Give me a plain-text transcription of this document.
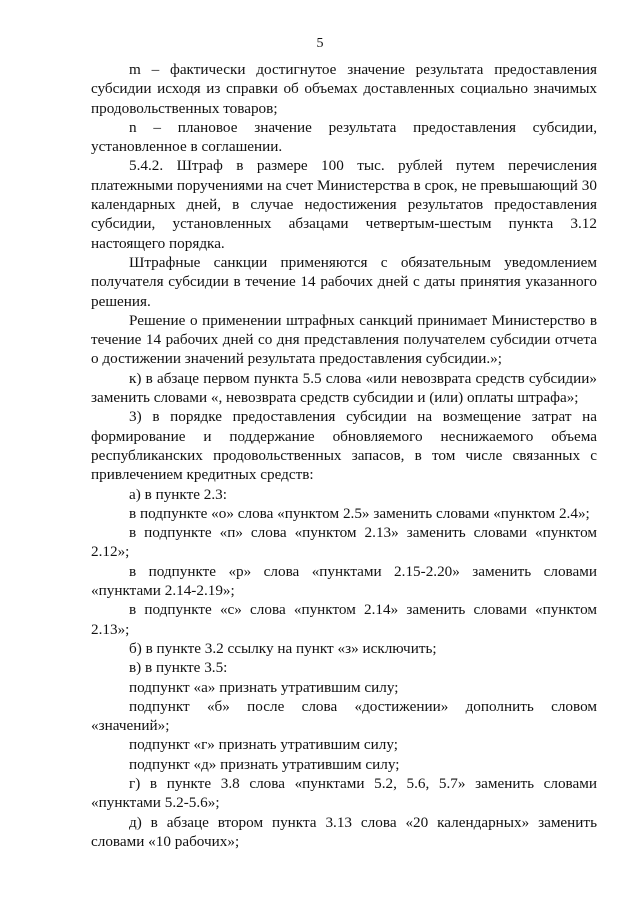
5

m – фактически достигнутое значение результата предоставления субсидии исходя из справки об объемах доставленных социально значимых продовольственных товаров;

n – плановое значение результата предоставления субсидии, установленное в соглашении.

5.4.2. Штраф в размере 100 тыс. рублей путем перечисления платежными поручениями на счет Министерства в срок, не превышающий 30 календарных дней, в случае недостижения результатов предоставления субсидии, установленных абзацами четвертым-шестым пункта 3.12 настоящего порядка.

Штрафные санкции применяются с обязательным уведомлением получателя субсидии в течение 14 рабочих дней с даты принятия указанного решения.

Решение о применении штрафных санкций принимает Министерство в течение 14 рабочих дней со дня представления получателем субсидии отчета о достижении значений результата предоставления субсидии.»;

к) в абзаце первом пункта 5.5 слова «или невозврата средств субсидии» заменить словами «, невозврата средств субсидии и (или) оплаты штрафа»;

3) в порядке предоставления субсидии на возмещение затрат на формирование и поддержание обновляемого неснижаемого объема республиканских продовольственных запасов, в том числе связанных с привлечением кредитных средств:

а) в пункте 2.3:

в подпункте «о» слова «пунктом 2.5» заменить словами «пунктом 2.4»;

в подпункте «п» слова «пунктом 2.13» заменить словами «пунктом 2.12»;

в подпункте «р» слова «пунктами 2.15-2.20» заменить словами «пунктами 2.14-2.19»;

в подпункте «с» слова «пунктом 2.14» заменить словами «пунктом 2.13»;

б) в пункте 3.2 ссылку на пункт «з» исключить;

в) в пункте 3.5:

подпункт «а» признать утратившим силу;

подпункт «б» после слова «достижении» дополнить словом «значений»;

подпункт «г» признать утратившим силу;

подпункт «д» признать утратившим силу;

г) в пункте 3.8 слова «пунктами 5.2, 5.6, 5.7» заменить словами «пунктами 5.2-5.6»;

д) в абзаце втором пункта 3.13 слова «20 календарных» заменить словами «10 рабочих»;
